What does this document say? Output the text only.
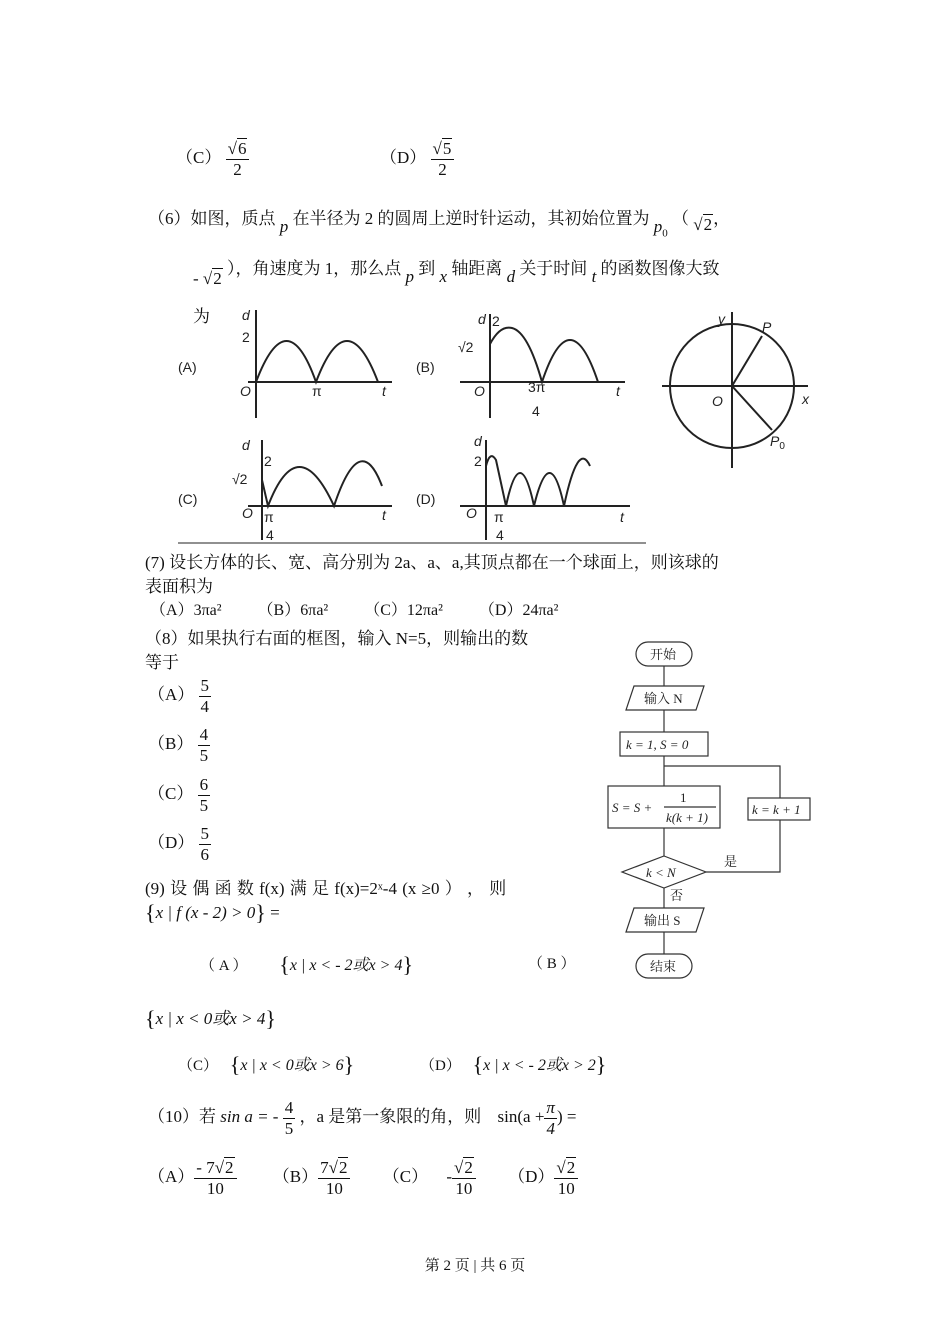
$(C) \frac{√6}{2}$	$(D) \frac{√5}{2}$
（6）如图，质点 p 在半径为 2 的圆周上逆时针运动，其初始位置为 $p_0$ （ √2，
- √2 ），角速度为 1，那么点 p 到 x 轴距离 d 关于时间 t 的函数图像大致
为
(A)
d
2
O	π	t
(B)
d 2
√2
O	3π
4
t
(C)
d
2
√2
O π
4
t
(D)
d
2
O π
4
t
y	P
O	x
$P_0$
(7) 设长方体的长、宽、高分别为 2a、a、a,其顶点都在一个球面上，则该球的
表面积为
（A）3πa² （B）6πa² （C）12πa² （D）24πa²
（8）如果执行右面的框图，输入 N=5，则输出的数
等于
$(A) \frac{5}{4}$
$(B) \frac{4}{5}$
$(C) \frac{6}{5}$
$(D) \frac{5}{6}$
开始
输入 N
k = 1, S = 0
S = S +
1
k(k + 1)
k = k + 1
k < N
是
否
输出 S
结束
(9) 设 偶 函 数 f(x) 满 足 f(x)=2ˣ-4 (x ≥0 ） ， 则
{x | f (x - 2) > 0} =
（ A ） {x | x < - 2或x > 4}	（ B ）
{x | x < 0或x > 4}
（C） {x | x < 0或x > 6}	（D） {x | x < - 2或x > 2}
（10）若 sin a = - $\frac{4}{5}$ ，a 是第一象限的角，则 $\sin(a + \frac{\pi}{4}$ ) =
$(A) \frac{- 7√2}{10} (B) \frac{7√2}{10} (C) - \frac{√2}{10} (D) \frac{√2}{10}$
第 2 页 | 共 6 页
